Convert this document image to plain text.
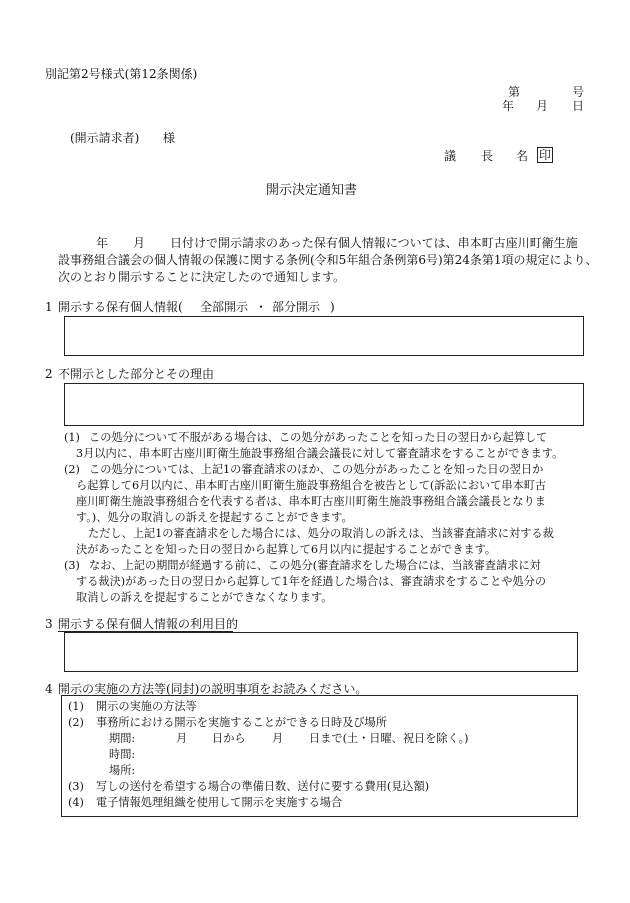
別記第2号様式(第12条関係)
第	号
年 月 日
(開示請求者) 様
議 長 名 印
開示決定通知書
年 月 日付けで開示請求のあった保有個人情報については、串本町古座川町衛生施
設事務組合議会の個人情報の保護に関する条例(令和5年組合条例第6号)第24条第1項の規定により、
次のとおり開示することに決定したので通知します。
1 開示する保有個人情報( 全部開示 ・ 部分開示 )
2 不開示とした部分とその理由
(1) この処分について不服がある場合は、この処分があったことを知った日の翌日から起算して
3月以内に、串本町古座川町衛生施設事務組合議会議長に対して審査請求をすることができます。
(2) この処分については、上記1の審査請求のほか、この処分があったことを知った日の翌日か
ら起算して6月以内に、串本町古座川町衛生施設事務組合を被告として(訴訟において串本町古
座川町衛生施設事務組合を代表する者は、串本町古座川町衛生施設事務組合議会議長となりま
す。)、処分の取消しの訴えを提起することができます。
ただし、上記1の審査請求をした場合には、処分の取消しの訴えは、当該審査請求に対する裁
決があったことを知った日の翌日から起算して6月以内に提起することができます。
(3) なお、上記の期間が経過する前に、この処分(審査請求をした場合には、当該審査請求に対
する裁決)があった日の翌日から起算して1年を経過した場合は、審査請求をすることや処分の
取消しの訴えを提起することができなくなります。
3 開示する保有個人情報の利用目的
4 開示の実施の方法等(同封)の説明事項をお読みください。
(1) 開示の実施の方法等
(2) 事務所における開示を実施することができる日時及び場所
期間:	月 日から 月 日まで(土・日曜、祝日を除く。)
時間:
場所:
(3) 写しの送付を希望する場合の準備日数、送付に要する費用(見込額)
(4) 電子情報処理組織を使用して開示を実施する場合
